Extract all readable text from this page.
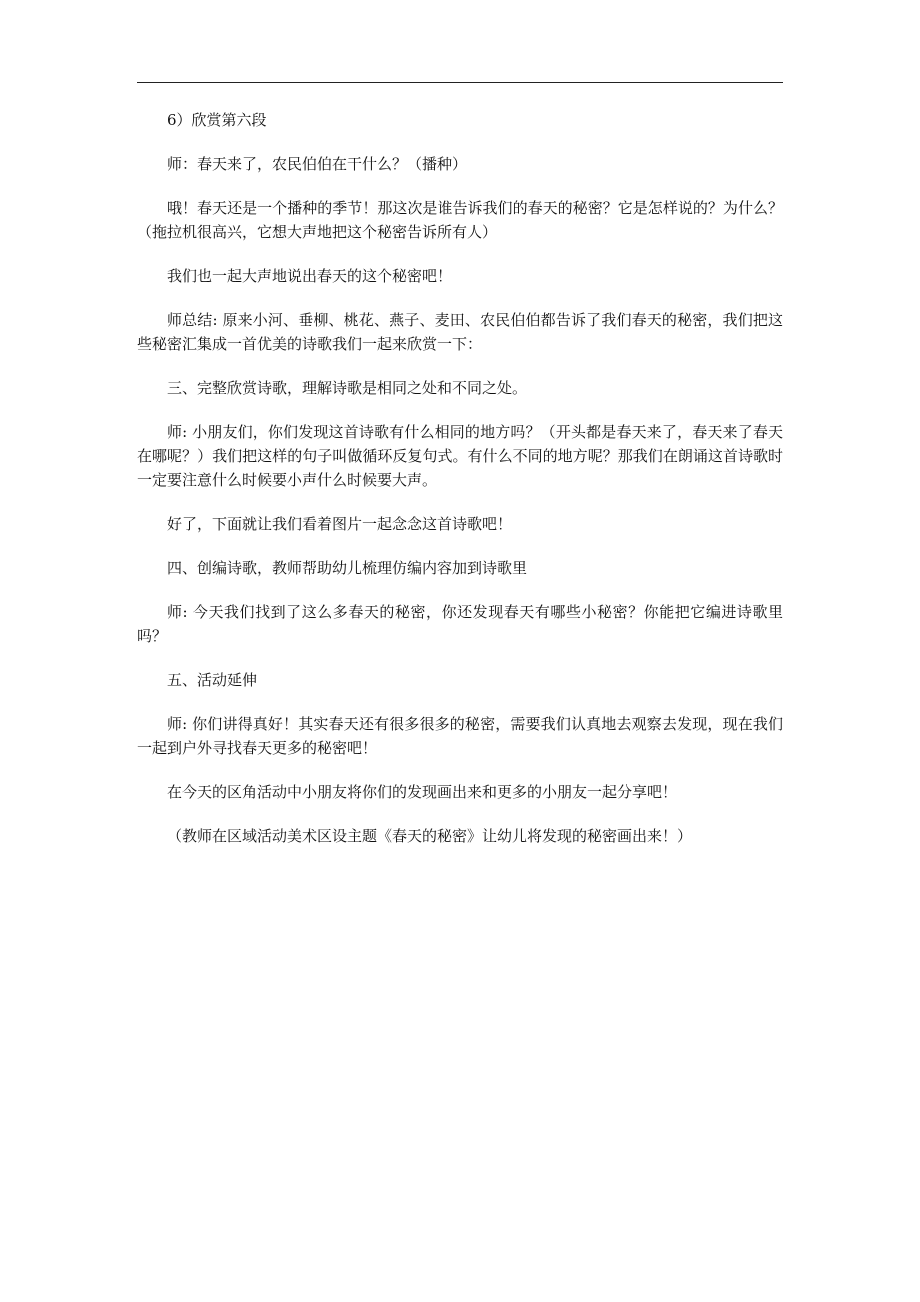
6）欣赏第六段

师：春天来了，农民伯伯在干什么？（播种）

哦！春天还是一个播种的季节！那这次是谁告诉我们的春天的秘密？它是怎样说的？为什么？（拖拉机很高兴，它想大声地把这个秘密告诉所有人）

我们也一起大声地说出春天的这个秘密吧！

师总结: 原来小河、垂柳、桃花、燕子、麦田、农民伯伯都告诉了我们春天的秘密，我们把这些秘密汇集成一首优美的诗歌我们一起来欣赏一下：

三、完整欣赏诗歌，理解诗歌是相同之处和不同之处。

师: 小朋友们，你们发现这首诗歌有什么相同的地方吗？（开头都是春天来了，春天来了春天在哪呢？）我们把这样的句子叫做循环反复句式。有什么不同的地方呢？那我们在朗诵这首诗歌时一定要注意什么时候要小声什么时候要大声。

好了，下面就让我们看着图片一起念念这首诗歌吧！

四、创编诗歌，教师帮助幼儿梳理仿编内容加到诗歌里

师: 今天我们找到了这么多春天的秘密，你还发现春天有哪些小秘密？你能把它编进诗歌里吗？

五、活动延伸

师: 你们讲得真好！其实春天还有很多很多的秘密，需要我们认真地去观察去发现，现在我们一起到户外寻找春天更多的秘密吧！

在今天的区角活动中小朋友将你们的发现画出来和更多的小朋友一起分享吧！

（教师在区域活动美术区设主题《春天的秘密》让幼儿将发现的秘密画出来！）
